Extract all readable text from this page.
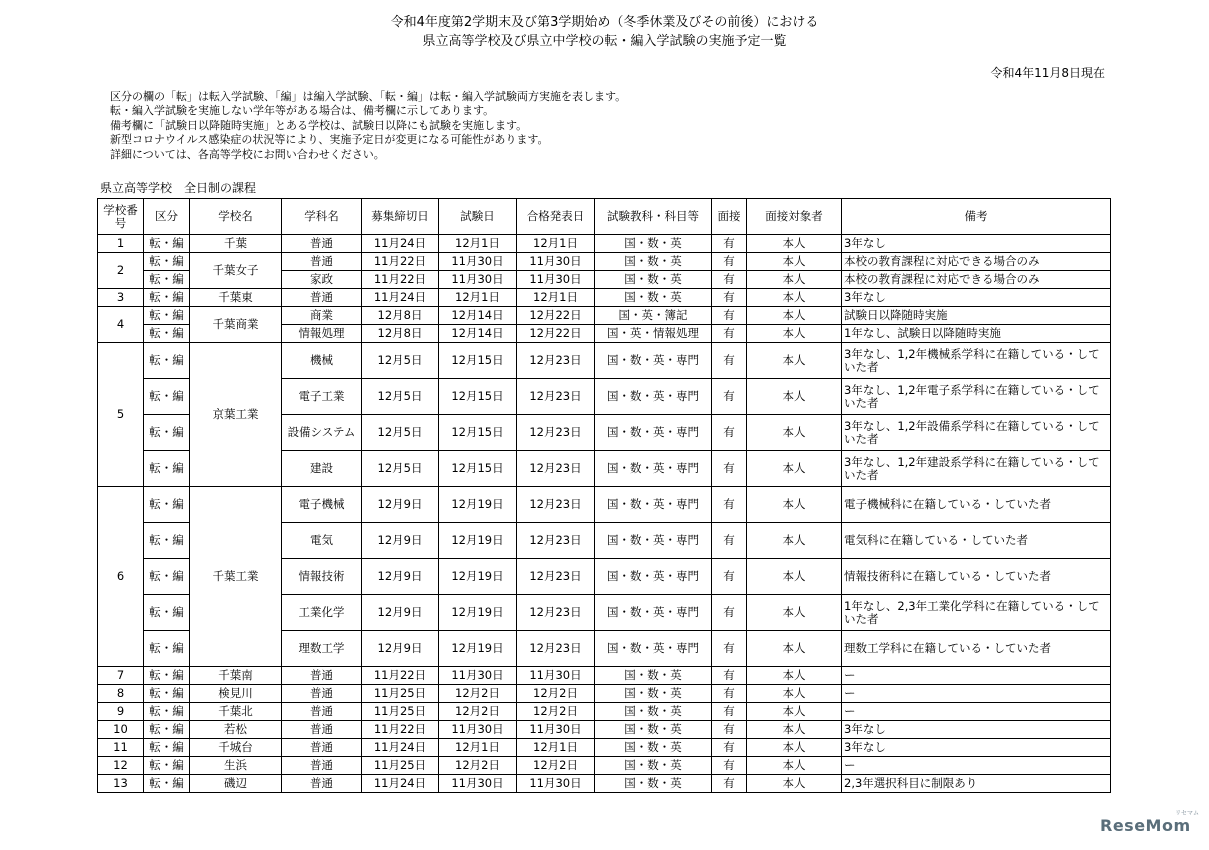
令和4年度第2学期末及び第3学期始め（冬季休業及びその前後）における
県立高等学校及び県立中学校の転・編入学試験の実施予定一覧
令和4年11月8日現在
区分の欄の「転」は転入学試験、「編」は編入学試験、「転・編」は転・編入学試験両方実施を表します。
転・編入学試験を実施しない学年等がある場合は、備考欄に示してあります。
備考欄に「試験日以降随時実施」とある学校は、試験日以降にも試験を実施します。
新型コロナウイルス感染症の状況等により、実施予定日が変更になる可能性があります。
詳細については、各高等学校にお問い合わせください。
県立高等学校　全日制の課程
学校番号	区分	学校名	学科名	募集締切日	試験日	合格発表日	試験教科・科目等	面接	面接対象者	備考
1	転・編	千葉	普通	11月24日	12月1日	12月1日	国・数・英	有	本人	3年なし
2	転・編	千葉女子	普通	11月22日	11月30日	11月30日	国・数・英	有	本人	本校の教育課程に対応できる場合のみ
	転・編		家政	11月22日	11月30日	11月30日	国・数・英	有	本人	本校の教育課程に対応できる場合のみ
3	転・編	千葉東	普通	11月24日	12月1日	12月1日	国・数・英	有	本人	3年なし
4	転・編	千葉商業	商業	12月8日	12月14日	12月22日	国・英・簿記	有	本人	試験日以降随時実施
	転・編		情報処理	12月8日	12月14日	12月22日	国・英・情報処理	有	本人	1年なし、試験日以降随時実施
5	転・編	京葉工業	機械	12月5日	12月15日	12月23日	国・数・英・専門	有	本人	3年なし、1,2年機械系学科に在籍している・していた者
	転・編		電子工業	12月5日	12月15日	12月23日	国・数・英・専門	有	本人	3年なし、1,2年電子系学科に在籍している・していた者
	転・編		設備システム	12月5日	12月15日	12月23日	国・数・英・専門	有	本人	3年なし、1,2年設備系学科に在籍している・していた者
	転・編		建設	12月5日	12月15日	12月23日	国・数・英・専門	有	本人	3年なし、1,2年建設系学科に在籍している・していた者
6	転・編	千葉工業	電子機械	12月9日	12月19日	12月23日	国・数・英・専門	有	本人	電子機械科に在籍している・していた者
	転・編		電気	12月9日	12月19日	12月23日	国・数・英・専門	有	本人	電気科に在籍している・していた者
	転・編		情報技術	12月9日	12月19日	12月23日	国・数・英・専門	有	本人	情報技術科に在籍している・していた者
	転・編		工業化学	12月9日	12月19日	12月23日	国・数・英・専門	有	本人	1年なし、2,3年工業化学科に在籍している・していた者
	転・編		理数工学	12月9日	12月19日	12月23日	国・数・英・専門	有	本人	理数工学科に在籍している・していた者
7	転・編	千葉南	普通	11月22日	11月30日	11月30日	国・数・英	有	本人	ー
8	転・編	検見川	普通	11月25日	12月2日	12月2日	国・数・英	有	本人	ー
9	転・編	千葉北	普通	11月25日	12月2日	12月2日	国・数・英	有	本人	ー
10	転・編	若松	普通	11月22日	11月30日	11月30日	国・数・英	有	本人	3年なし
11	転・編	千城台	普通	11月24日	12月1日	12月1日	国・数・英	有	本人	3年なし
12	転・編	生浜	普通	11月25日	12月2日	12月2日	国・数・英	有	本人	ー
13	転・編	磯辺	普通	11月24日	11月30日	11月30日	国・数・英	有	本人	2,3年選択科目に制限あり
リセマム
ReseMom
